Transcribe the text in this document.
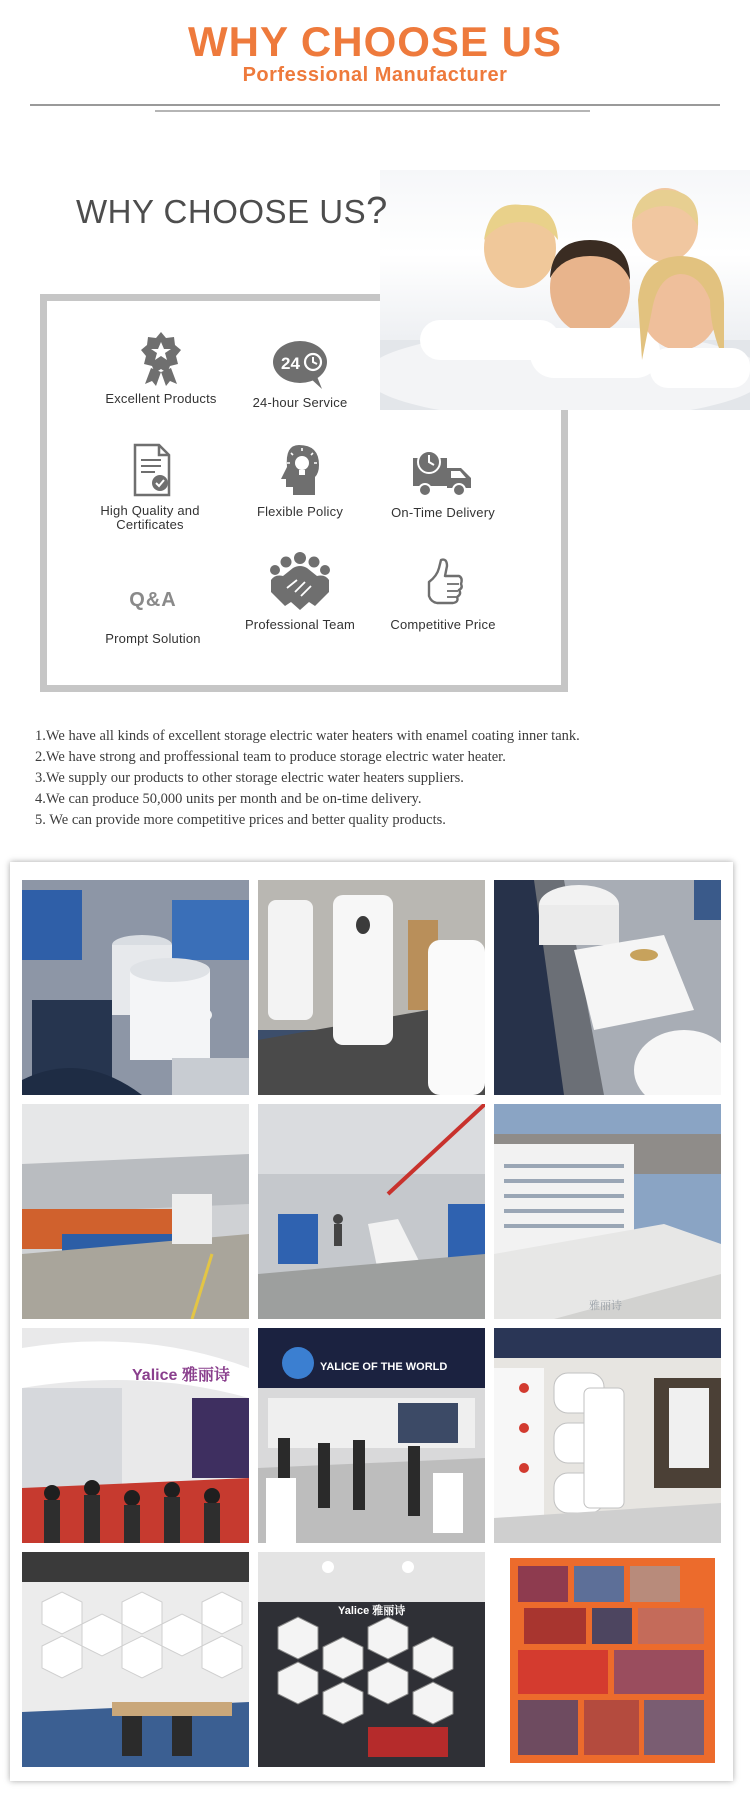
WHY CHOOSE US
Porfessional Manufacturer
WHY CHOOSE US?
Excellent Products
24
24-hour Service
High Quality and
Certificates
Flexible Policy	On-Time Delivery
Q&A
Prompt Solution
Professional Team	Competitive Price
1.We have all kinds of excellent storage electric water heaters with enamel coating inner tank.
2.We have strong and proffessional team to produce storage electric water heater.
3.We supply our products to other storage electric water heaters suppliers.
4.We can produce 50,000 units per month and be on-time delivery.
5. We can provide more competitive prices and better quality products.
雅丽诗
Yalice 雅丽诗	YALICE OF THE WORLD
Yalice 雅丽诗
